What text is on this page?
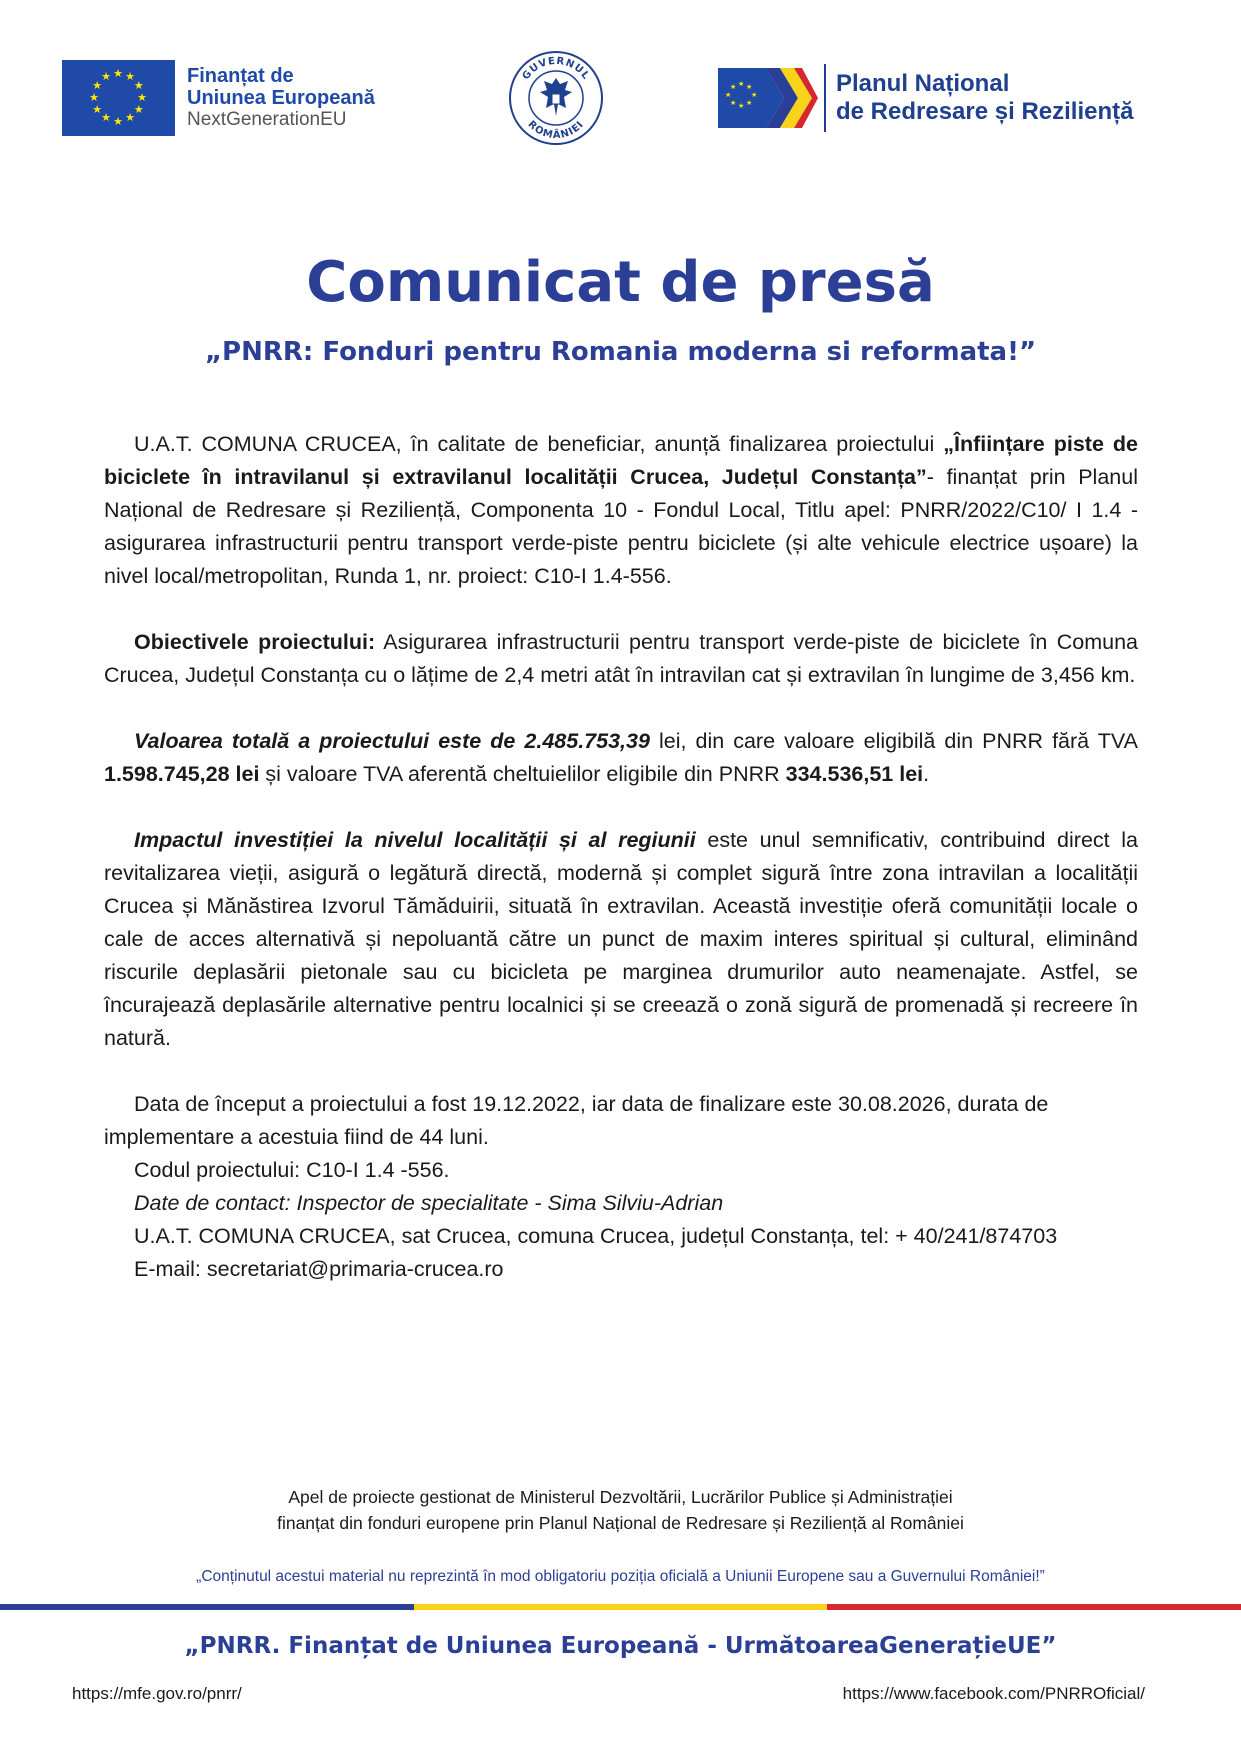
★ ★
★
★
★
★
★
★
★
★
★
★	Finanțat de
Uniunea Europeană
NextGenerationEU
GUVERNUL
ROMÂNIEI
★ ★
★
★
★
★
★
★	Planul Național
de Redresare și Reziliență
Comunicat de presă
„PNRR: Fonduri pentru Romania moderna si reformata!”

U.A.T. COMUNA CRUCEA, în calitate de beneficiar, anunță finalizarea proiectului „Înființare piste de biciclete în intravilanul și extravilanul localității Crucea, Județul Constanța”- finanțat prin Planul Național de Redresare și Reziliență, Componenta 10 - Fondul Local, Titlu apel: PNRR/2022/C10/ I 1.4 - asigurarea infrastructurii pentru transport verde-piste pentru biciclete (și alte vehicule electrice ușoare) la nivel local/metropolitan, Runda 1, nr. proiect: C10-I 1.4-556.

Obiectivele proiectului: Asigurarea infrastructurii pentru transport verde-piste de biciclete în Comuna Crucea, Județul Constanța cu o lățime de 2,4 metri atât în intravilan cat și extravilan în lungime de 3,456 km.

Valoarea totală a proiectului este de 2.485.753,39 lei, din care valoare eligibilă din PNRR fără TVA 1.598.745,28 lei și valoare TVA aferentă cheltuielilor eligibile din PNRR 334.536,51 lei.

Impactul investiției la nivelul localității și al regiunii este unul semnificativ, contribuind direct la revitalizarea vieții, asigură o legătură directă, modernă și complet sigură între zona intravilan a localității Crucea și Mănăstirea Izvorul Tămăduirii, situată în extravilan. Această investiție oferă comunității locale o cale de acces alternativă și nepoluantă către un punct de maxim interes spiritual și cultural, eliminând riscurile deplasării pietonale sau cu bicicleta pe marginea drumurilor auto neamenajate. Astfel, se încurajează deplasările alternative pentru localnici și se creează o zonă sigură de promenadă și recreere în natură.

Data de început a proiectului a fost 19.12.2022, iar data de finalizare este 30.08.2026, durata de implementare a acestuia fiind de 44 luni.

Codul proiectului: C10-I 1.4 -556.

Date de contact: Inspector de specialitate - Sima Silviu-Adrian

U.A.T. COMUNA CRUCEA, sat Crucea, comuna Crucea, județul Constanța, tel: + 40/241/874703

E-mail: secretariat@primaria-crucea.ro

Apel de proiecte gestionat de Ministerul Dezvoltării, Lucrărilor Publice și Administrației
finanțat din fonduri europene prin Planul Național de Redresare și Reziliență al României
„Conținutul acestui material nu reprezintă în mod obligatoriu poziția oficială a Uniunii Europene sau a Guvernului României!”
„PNRR. Finanțat de Uniunea Europeană - UrmătoareaGenerațieUE”
https://mfe.gov.ro/pnrr/	https://www.facebook.com/PNRROficial/
